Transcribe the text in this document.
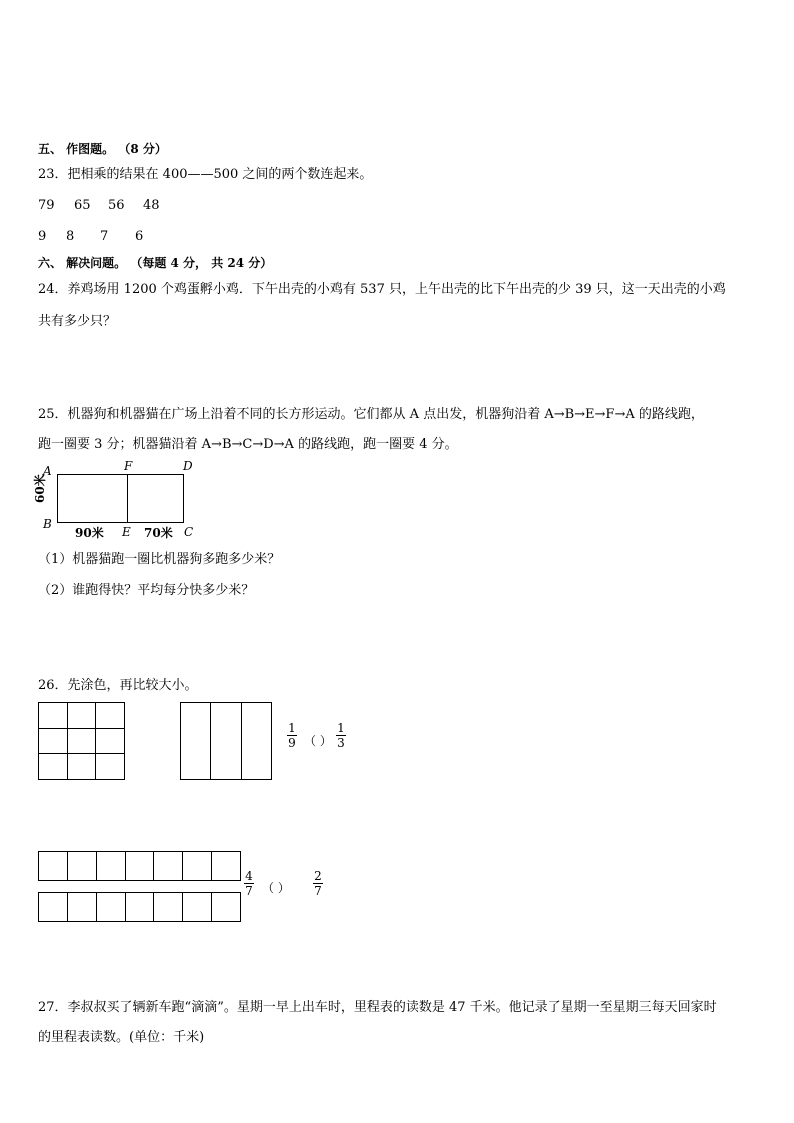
五、 作图题。 （8 分）
23．把相乘的结果在 400——500 之间的两个数连起来。
79 65 56 48
9 8 7 6
六、 解决问题。 （每题 4 分， 共 24 分）
24．养鸡场用 1200 个鸡蛋孵小鸡．下午出壳的小鸡有 537 只，上午出壳的比下午出壳的少 39 只，这一天出壳的小鸡
共有多少只？
25．机器狗和机器猫在广场上沿着不同的长方形运动。它们都从 A 点出发，机器狗沿着 A→B→E→F→A 的路线跑，
跑一圈要 3 分；机器猫沿着 A→B→C→D→A 的路线跑，跑一圈要 4 分。
A	F	D
B
E	C
60米
90米	70米
（1）机器猫跑一圈比机器狗多跑多少米？
（2）谁跑得快？平均每分快多少米？
26．先涂色，再比较大小。

1
9 （ ）
1
3

4
7 （ ）
2
7
27．李叔叔买了辆新车跑“滴滴”。星期一早上出车时，里程表的读数是 47 千米。他记录了星期一至星期三每天回家时
的里程表读数。(单位：千米)
